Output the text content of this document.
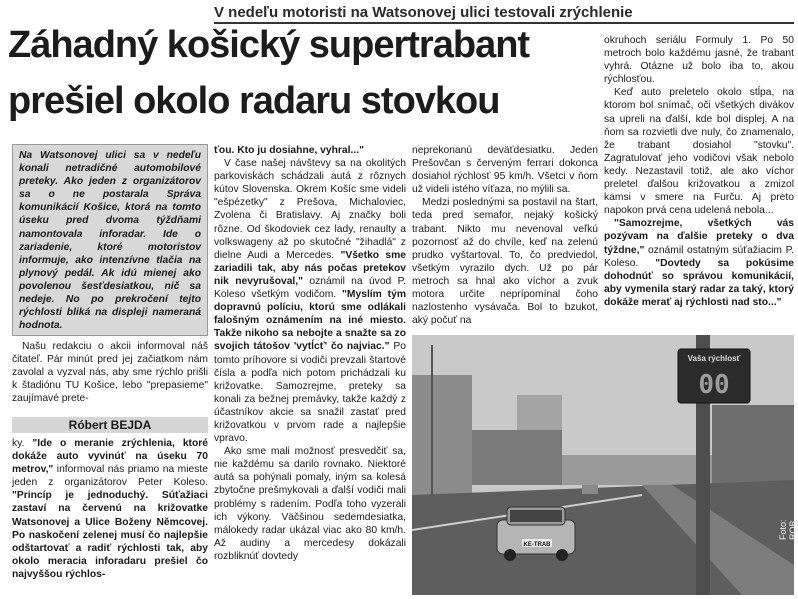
V nedeľu motoristi na Watsonovej ulici testovali zrýchlenie
Záhadný košický supertrabant
prešiel okolo radaru stovkou
Na Watsonovej ulici sa v nedeľu konali netradičné automobilové preteky. Ako jeden z organizátorov sa o ne postarala Správa komunikácií Košice, ktorá na tomto úseku pred dvoma týždňami namontovala inforadar. Ide o zariadenie, ktoré motoristov informuje, ako intenzívne tlačia na plynový pedál. Ak idú mienej ako povolenou šesťdesiatkou, nič sa nedeje. No po prekročení tejto rýchlosti bliká na displeji nameraná hodnota.

Našu redakciu o akcii informoval náš čitateľ. Pár minút pred jej začiatkom nám zavolal a vyzval nás, aby sme rýchlo prišli k štadiónu TU Košice, lebo "prepasieme" zaujímavé prete-

Róbert BEJDA

ky. "Ide o meranie zrýchlenia, ktoré dokáže auto vyvinúť na úseku 70 metrov," informoval nás priamo na mieste jeden z organizátorov Peter Koleso. "Princíp je jednoduchý. Súťažiaci zastaví na červenú na križovatke Watsonovej a Ulice Boženy Němcovej. Po naskočení zelenej musí čo najlepšie odštartovať a radiť rýchlosti tak, aby okolo meracia inforadaru prešiel čo najvyššou rýchlos-

ťou. Kto ju dosiahne, vyhral..."

V čase našej návštevy sa na okolitých parkoviskách schádzali autá z rôznych kútov Slovenska. Okrem Košíc sme videli "ešpézetky" z Prešova, Michaloviec, Zvolena či Bratislavy. Aj značky boli rôzne. Od škodoviek cez lady, renaulty a volkswageny až po skutočné "žihadlá" z dielne Audi a Mercedes. "Všetko sme zariadili tak, aby nás počas pretekov nik nevyrušoval," oznámil na úvod P. Koleso všetkým vodičom. "Myslím tým dopravnú políciu, ktorú sme odlákali falošným oznámením na iné miesto. Takže nikoho sa nebojte a snažte sa zo svojich tátošov 'vytĺcť' čo najviac." Po tomto príhovore si vodiči prevzali štartové čísla a podľa nich potom prichádzali ku križovatke. Samozrejme, preteky sa konali za bežnej premávky, takže každý z účastníkov akcie sa snažil zastať pred križovatkou v prvom rade a najlepšie vpravo.

Ako sme mali možnosť presvedčiť sa, nie každému sa darilo rovnako. Niektoré autá sa pohýnali pomaly, iným sa kolesá zbytočne prešmykovali a ďalší vodiči mali problémy s radením. Podľa toho vyzerali ich výkony. Väčšinou sedemdesiatka, málokedy radar ukázal viac ako 80 km/h. Až audiny a mercedesy dokázali rozbliknúť dovtedy

neprekonanú deväťdesiatku. Jeden Prešovčan s červeným ferrari dokonca dosiahol rýchlosť 95 km/h. Všetci v ňom už videli istého víťaza, no mýlili sa.

Medzi poslednými sa postavil na štart, teda pred semafor, nejaký košický trabant. Nikto mu nevenoval veľkú pozornosť až do chvíle, keď na zelenú prudko vyštartoval. To, čo predviedol, všetkým vyrazilo dych. Už po pár metroch sa hnal ako víchor a zvuk motora určite neprípomínal čoho nazlostenho vysávača. Bol to bzukot, aký počuť na

okruhoch seriálu Formuly 1. Po 50 metroch bolo každému jasné, že trabant vyhrá. Otázne už bolo iba to, akou rýchlosťou.

Keď auto preletelo okolo stĺpa, na ktorom bol snímač, oči všetkých divákov sa upreli na ďalší, kde bol displej. A na ňom sa rozvietli dve nuly, čo znamenalo, že trabant dosiahol "stovku". Zagratulovať jeho vodičovi však nebolo kedy. Nezastavil totiž, ale ako víchor preletel ďalšou križovatkou a zmizol kamsi v smere na Furču. Aj preto napokon prvá cena udelená nebola...

"Samozrejme, všetkých vás pozývam na ďalšie preteky o dva týždne," oznámil ostatným súťažiacim P. Koleso. "Dovtedy sa pokúsime dohodnúť so správou komunikácií, aby vymenila starý radar za taký, ktorý dokáže merať aj rýchlosti nad sto..."

Vaša rýchlosť
00
KE-TRAB
Foto: ROB
